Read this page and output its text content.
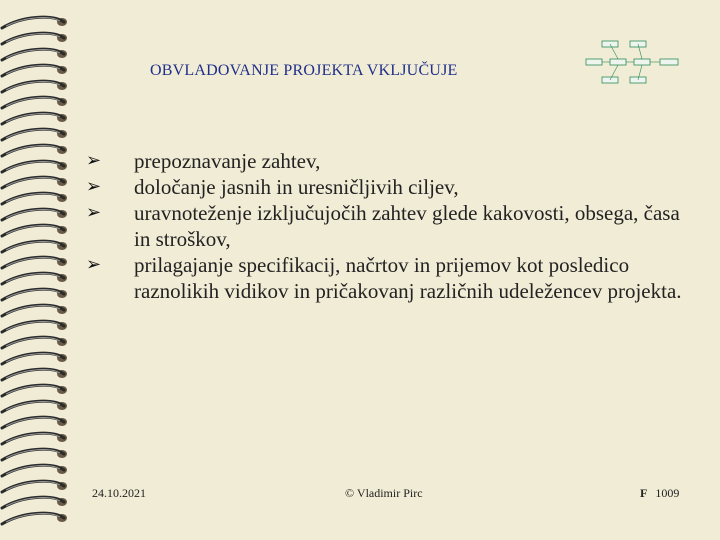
OBVLADOVANJE PROJEKTA VKLJUČUJE
➢ prepoznavanje zahtev,
➢ določanje jasnih in uresničljivih ciljev,
➢ uravnoteženje izključujočih zahtev glede kakovosti, obsega, časa in stroškov,
➢ prilagajanje specifikacij, načrtov in prijemov kot posledico raznolikih vidikov in pričakovanj različnih udeležencev projekta.
24.10.2021	© Vladimir Pirc	F 1009
